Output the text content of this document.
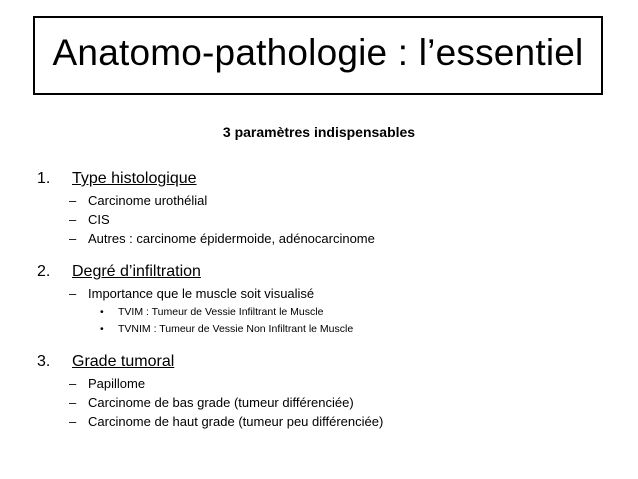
Anatomo-pathologie : l’essentiel
3 paramètres indispensables
1. Type histologique
– Carcinome urothélial
– CIS
– Autres : carcinome épidermoide, adénocarcinome
2. Degré d’infiltration
– Importance que le muscle soit visualisé
• TVIM : Tumeur de Vessie Infiltrant le Muscle
• TVNIM : Tumeur de Vessie Non Infiltrant le Muscle
3. Grade tumoral
– Papillome
– Carcinome de bas grade (tumeur différenciée)
– Carcinome de haut grade (tumeur peu différenciée)
